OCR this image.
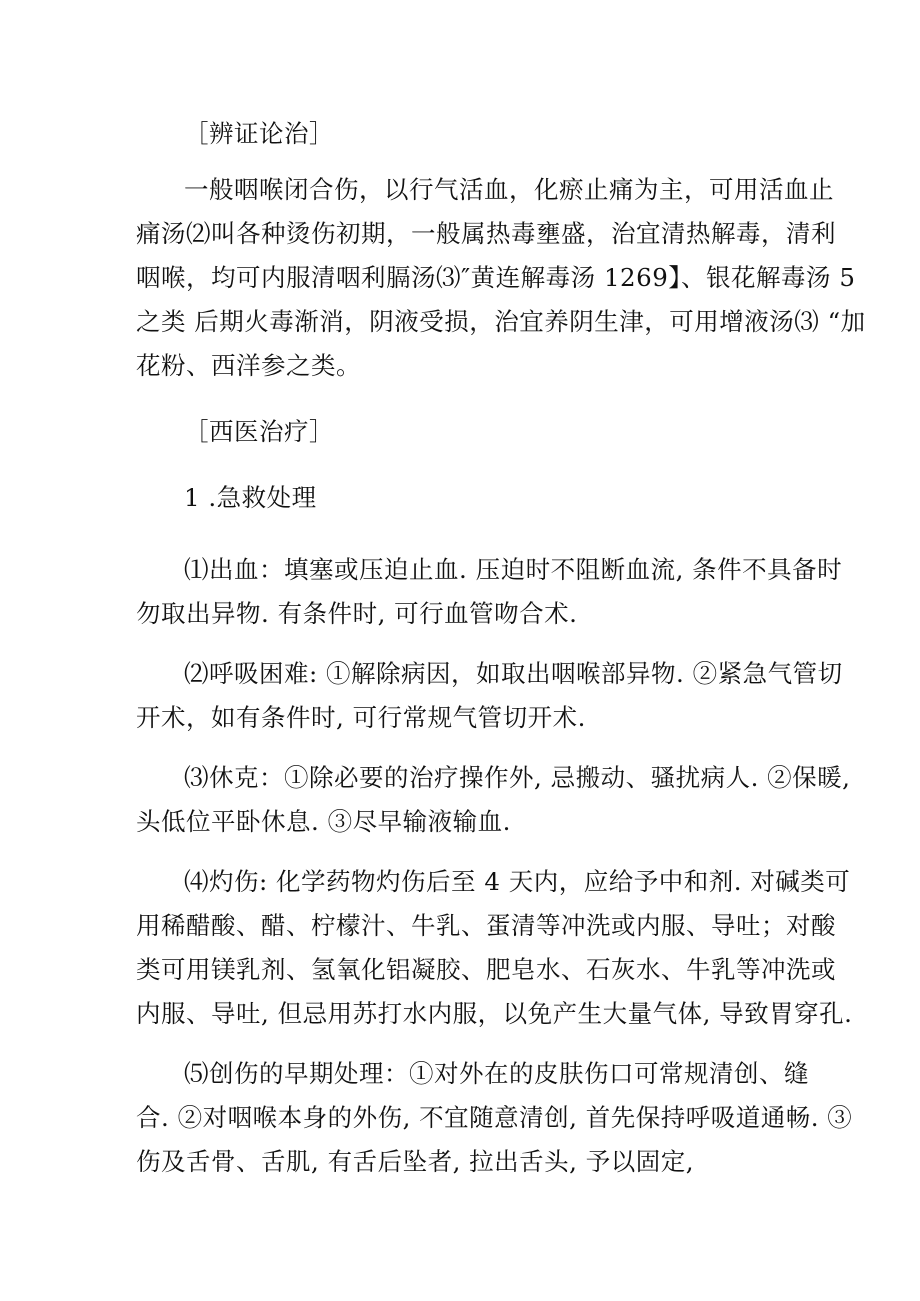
［辨证论治］
一般咽喉闭合伤，以行气活血，化瘀止痛为主，可用活血止
痛汤⑵叫各种烫伤初期，一般属热毒壅盛，治宜清热解毒，清利
咽喉，均可内服清咽利膈汤⑶″黄连解毒汤 1269】、银花解毒汤 5
之类 后期火毒渐消，阴液受损，治宜养阴生津，可用增液汤⑶ “加
花粉、西洋参之类。
［西医治疗］
1 .急救处理
⑴出血：填塞或压迫止血. 压迫时不阻断血流, 条件不具备时
勿取出异物. 有条件时, 可行血管吻合术.
⑵呼吸困难: ①解除病因，如取出咽喉部异物. ②紧急气管切
开术，如有条件时, 可行常规气管切开术.
⑶休克：①除必要的治疗操作外, 忌搬动、骚扰病人. ②保暖,
头低位平卧休息. ③尽早输液输血.
⑷灼伤: 化学药物灼伤后至 4 天内，应给予中和剂. 对碱类可
用稀醋酸、醋、柠檬汁、牛乳、蛋清等冲洗或内服、导吐；对酸
类可用镁乳剂、氢氧化铝凝胶、肥皂水、石灰水、牛乳等冲洗或
内服、导吐, 但忌用苏打水内服，以免产生大量气体, 导致胃穿孔.
⑸创伤的早期处理：①对外在的皮肤伤口可常规清创、缝
合. ②对咽喉本身的外伤, 不宜随意清创, 首先保持呼吸道通畅. ③
伤及舌骨、舌肌, 有舌后坠者, 拉出舌头, 予以固定,
